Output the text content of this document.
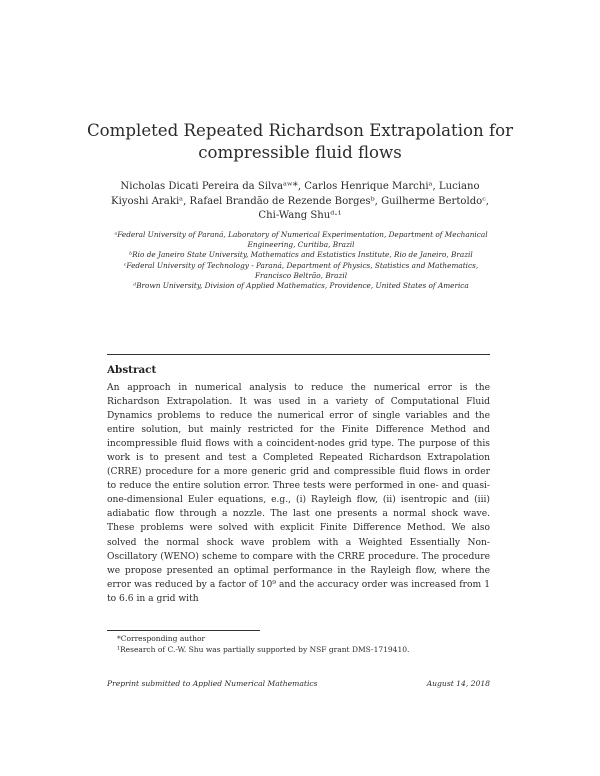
Completed Repeated Richardson Extrapolation for
compressible fluid flows
Nicholas Dicati Pereira da Silvaᵃʷ*, Carlos Henrique Marchiᵃ, Luciano
Kiyoshi Arakiᵃ, Rafael Brandão de Rezende Borgesᵇ, Guilherme Bertoldoᶜ,
Chi-Wang Shuᵈ·¹

ᵃFederal University of Paraná, Laboratory of Numerical Experimentation, Department of Mechanical Engineering, Curitiba, Brazil

ᵇRio de Janeiro State University, Mathematics and Estatistics Institute, Rio de Janeiro, Brazil

ᶜFederal University of Technology - Paraná, Department of Physics, Statistics and Mathematics, Francisco Beltrão, Brazil

ᵈBrown University, Division of Applied Mathematics, Providence, United States of America

Abstract

An approach in numerical analysis to reduce the numerical error is the Richardson Extrapolation. It was used in a variety of Computational Fluid Dynamics problems to reduce the numerical error of single variables and the entire solution, but mainly restricted for the Finite Difference Method and incompressible fluid flows with a coincident-nodes grid type. The purpose of this work is to present and test a Completed Repeated Richardson Extrapolation (CRRE) procedure for a more generic grid and compressible fluid flows in order to reduce the entire solution error. Three tests were performed in one- and quasi-one-dimensional Euler equations, e.g., (i) Rayleigh flow, (ii) isentropic and (iii) adiabatic flow through a nozzle. The last one presents a normal shock wave. These problems were solved with explicit Finite Difference Method. We also solved the normal shock wave problem with a Weighted Essentially Non-Oscillatory (WENO) scheme to compare with the CRRE procedure. The procedure we propose presented an optimal performance in the Rayleigh flow, where the error was reduced by a factor of 10⁹ and the accuracy order was increased from 1 to 6.6 in a grid with

*Corresponding author

¹Research of C.-W. Shu was partially supported by NSF grant DMS-1719410.

Preprint submitted to Applied Numerical Mathematics	August 14, 2018
